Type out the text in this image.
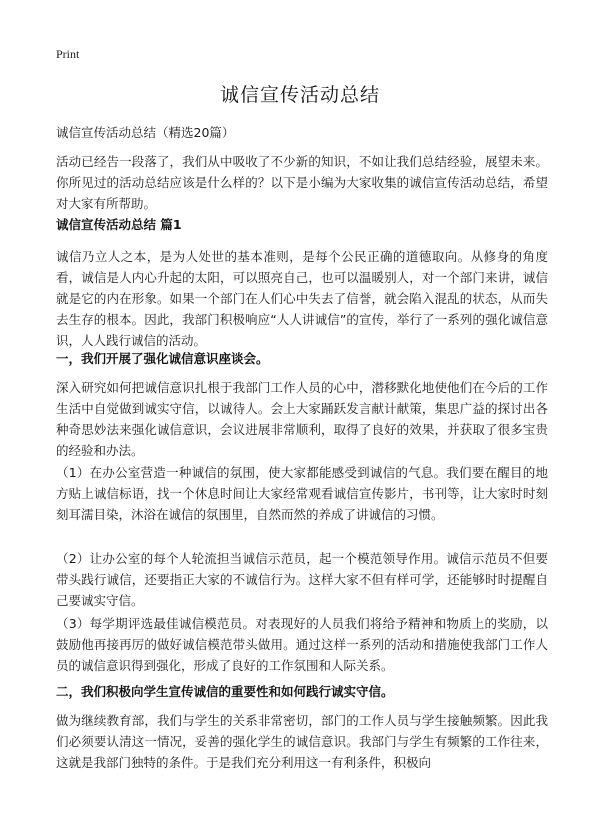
Print
诚信宣传活动总结

诚信宣传活动总结（精选20篇）

活动已经告一段落了，我们从中吸收了不少新的知识，不如让我们总结经验，展望未来。你所见过的活动总结应该是什么样的？以下是小编为大家收集的诚信宣传活动总结，希望对大家有所帮助。

诚信宣传活动总结 篇1

诚信乃立人之本，是为人处世的基本准则，是每个公民正确的道德取向。从修身的角度看，诚信是人内心升起的太阳，可以照亮自己，也可以温暖别人，对一个部门来讲，诚信就是它的内在形象。如果一个部门在人们心中失去了信誉，就会陷入混乱的状态，从而失去生存的根本。因此，我部门积极响应“人人讲诚信”的宣传，举行了一系列的强化诚信意识，人人践行诚信的活动。

一，我们开展了强化诚信意识座谈会。

深入研究如何把诚信意识扎根于我部门工作人员的心中，潜移默化地使他们在今后的工作生活中自觉做到诚实守信，以诚待人。会上大家踊跃发言献计献策，集思广益的探讨出各种奇思妙法来强化诚信意识，会议进展非常顺利，取得了良好的效果，并获取了很多宝贵的经验和办法。

（1）在办公室营造一种诚信的氛围，使大家都能感受到诚信的气息。我们要在醒目的地方贴上诚信标语，找一个休息时间让大家经常观看诚信宣传影片，书刊等，让大家时时刻刻耳濡目染，沐浴在诚信的氛围里，自然而然的养成了讲诚信的习惯。

（2）让办公室的每个人轮流担当诚信示范员，起一个模范领导作用。诚信示范员不但要带头践行诚信，还要指正大家的不诚信行为。这样大家不但有样可学，还能够时时提醒自己要诚实守信。

（3）每学期评选最佳诚信模范员。对表现好的人员我们将给予精神和物质上的奖励，以鼓励他再接再厉的做好诚信模范带头做用。通过这样一系列的活动和措施使我部门工作人员的诚信意识得到强化，形成了良好的工作氛围和人际关系。

二，我们积极向学生宣传诚信的重要性和如何践行诚实守信。

做为继续教育部，我们与学生的关系非常密切，部门的工作人员与学生接触频繁。因此我们必须要认清这一情况，妥善的强化学生的诚信意识。我部门与学生有频繁的工作往来，这就是我部门独特的条件。于是我们充分利用这一有利条件，积极向
